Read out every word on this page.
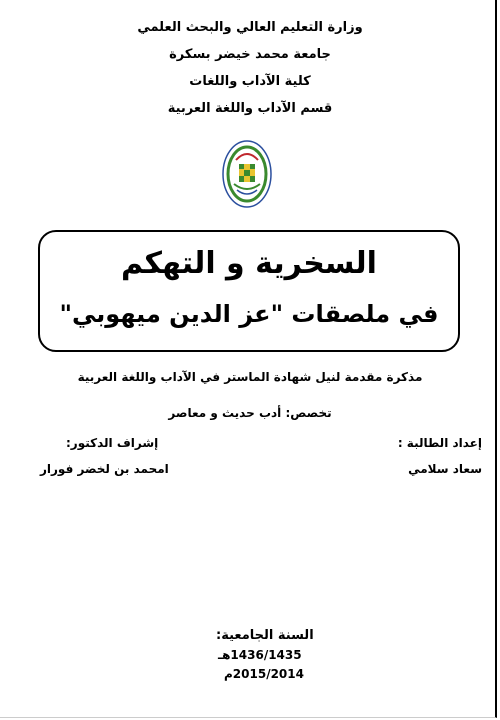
وزارة التعليم العالي والبحث العلمي
جامعة محمد خيضر بسكرة
كلية الآداب واللغات
قسم الآداب واللغة العربية
السخرية و التهكم
في ملصقات "عز الدين ميهوبي"
مذكرة مقدمة لنيل شهادة الماستر في الآداب واللغة العربية
تخصص: أدب حديث و معاصر
إعداد الطالبة :
إشراف الدكتور:
سعاد سلامي
امحمد بن لخضر فورار
السنة الجامعية:
1436/1435هـ
2015/2014م
